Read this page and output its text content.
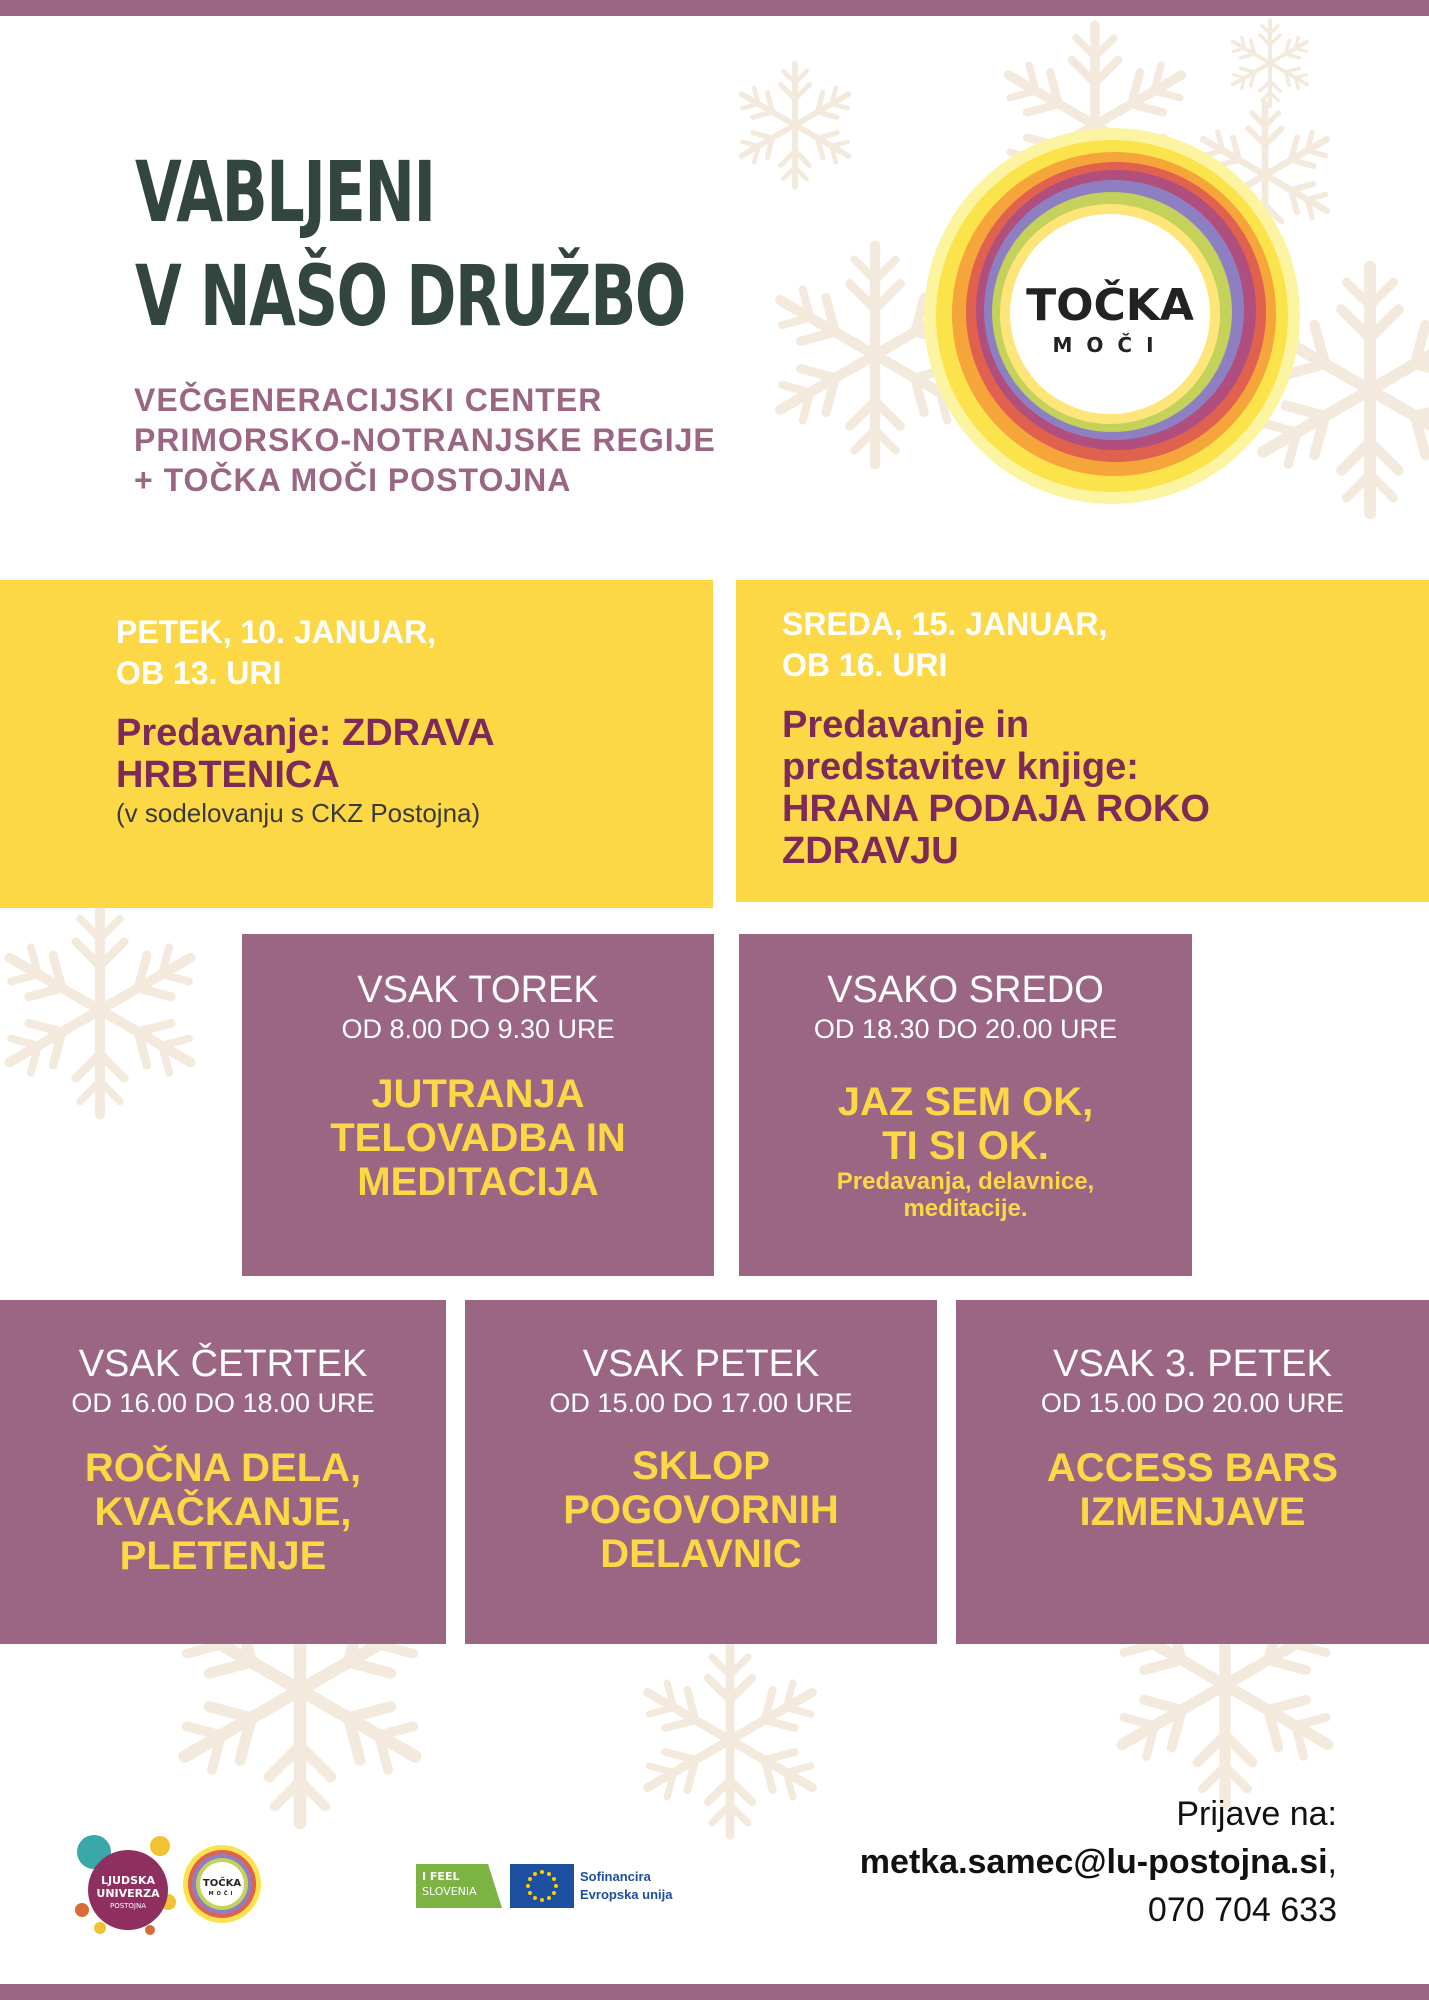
VABLJENI
V NAŠO DRUŽBO
VEČGENERACIJSKI CENTER
PRIMORSKO-NOTRANJSKE REGIJE
+ TOČKA MOČI POSTOJNA
TOČKA
MOČI
PETEK, 10. JANUAR,
OB 13. URI
Predavanje: ZDRAVA
HRBTENICA
(v sodelovanju s CKZ Postojna)
SREDA, 15. JANUAR,
OB 16. URI
Predavanje in
predstavitev knjige:
HRANA PODAJA ROKO
ZDRAVJU
VSAK TOREK
OD 8.00 DO 9.30 URE
JUTRANJA
TELOVADBA IN
MEDITACIJA
VSAKO SREDO
OD 18.30 DO 20.00 URE
JAZ SEM OK,
TI SI OK.
Predavanja, delavnice,
meditacije.
VSAK ČETRTEK
OD 16.00 DO 18.00 URE
ROČNA DELA,
KVAČKANJE,
PLETENJE
VSAK PETEK
OD 15.00 DO 17.00 URE
SKLOP
POGOVORNIH
DELAVNIC
VSAK 3. PETEK
OD 15.00 DO 20.00 URE
ACCESS BARS
IZMENJAVE
LJUDSKA
UNIVERZA
POSTOJNA
TOČKA
MOČI
I FEEL
SLOVENIA
Sofinancira
Evropska unija
Prijave na:
metka.samec@lu-postojna.si,
070 704 633
